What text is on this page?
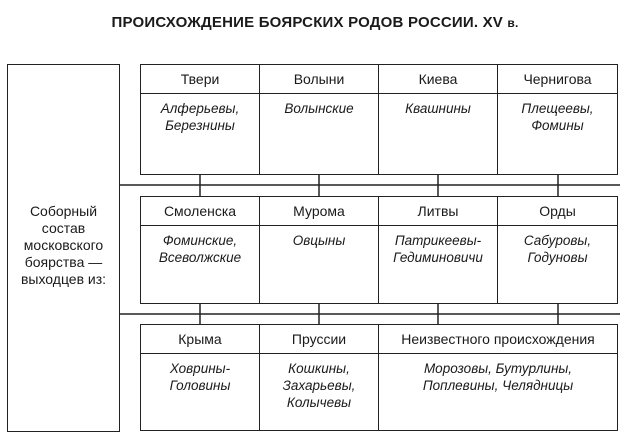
ПРОИСХОЖДЕНИЕ БОЯРСКИХ РОДОВ РОССИИ. XV в.
Соборный
состав
московского
боярства —
выходцев из:
Твери
Алферьевы,
Березнины
Волыни
Волынские
Киева
Квашнины
Чернигова
Плещеевы,
Фомины
Смоленска
Фоминские,
Всеволжские
Мурома
Овцыны
Литвы
Патрикеевы-
Гедиминовичи
Орды
Сабуровы,
Годуновы
Крыма
Ховрины-
Головины
Пруссии
Кошкины,
Захарьевы,
Колычевы
Неизвестного происхождения
Морозовы, Бутурлины,
Поплевины, Челядницы
